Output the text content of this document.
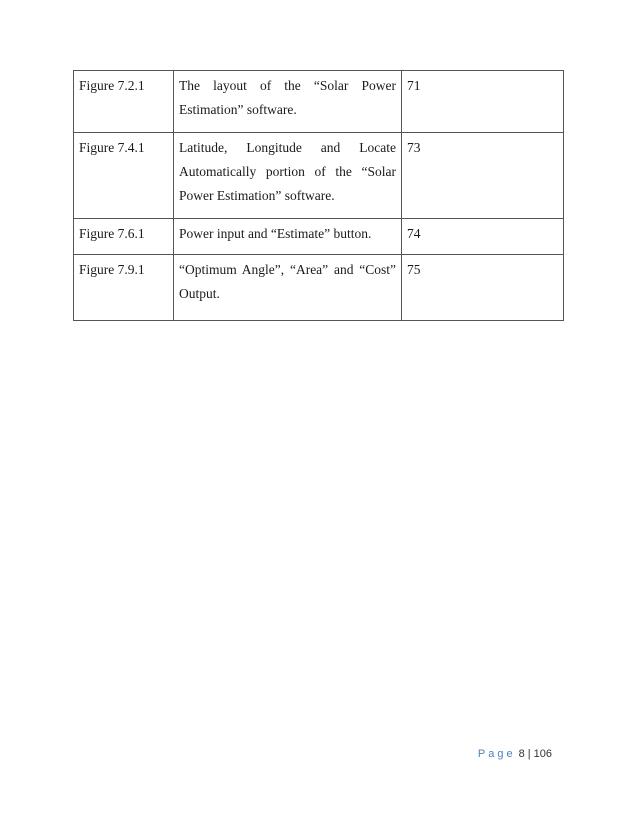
Figure 7.2.1	The layout of the “Solar Power Estimation” software.	71
Figure 7.4.1	Latitude, Longitude and Locate Automatically portion of the “Solar Power Estimation” software.	73
Figure 7.6.1	Power input and “Estimate” button.	74
Figure 7.9.1	“Optimum Angle”, “Area” and “Cost” Output.	75
Page 8 | 106
